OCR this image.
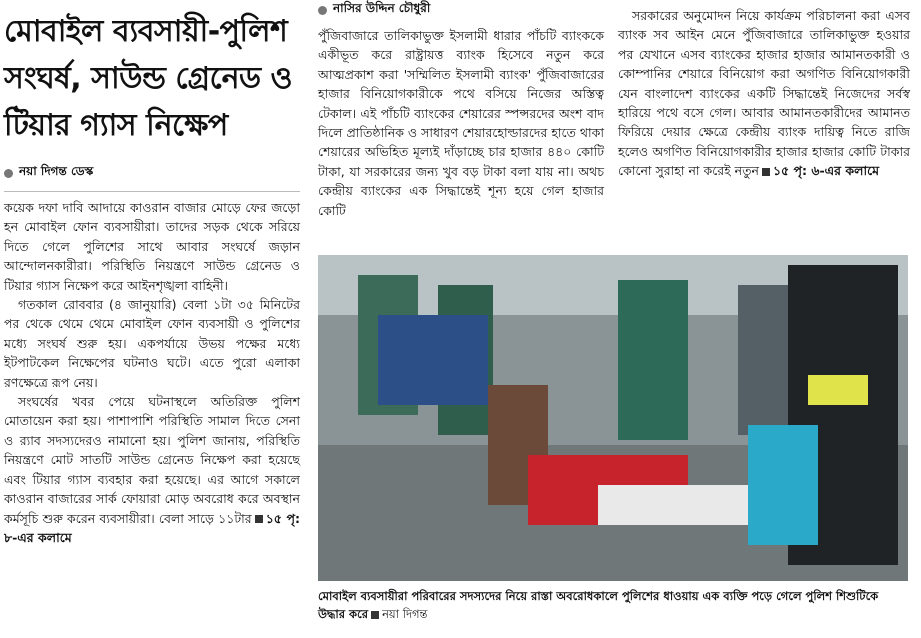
মোবাইল ব্যবসায়ী-পুলিশ
সংঘর্ষ, সাউন্ড গ্রেনেড ও
টিয়ার গ্যাস নিক্ষেপ
নয়া দিগন্ত ডেস্ক

কয়েক দফা দাবি আদায়ে কাওরান বাজার মোড়ে ফের জড়ো হন মোবাইল ফোন ব্যবসায়ীরা। তাদের সড়ক থেকে সরিয়ে দিতে গেলে পুলিশের সাথে আবার সংঘর্ষে জড়ান আন্দোলনকারীরা। পরিস্থিতি নিয়ন্ত্রণে সাউন্ড গ্রেনেড ও টিয়ার গ্যাস নিক্ষেপ করে আইনশৃঙ্খলা বাহিনী।

গতকাল রোববার (৪ জানুয়ারি) বেলা ১টা ৩৫ মিনিটের পর থেকে থেমে থেমে মোবাইল ফোন ব্যবসায়ী ও পুলিশের মধ্যে সংঘর্ষ শুরু হয়। একপর্যায়ে উভয় পক্ষের মধ্যে ইটপাটকেল নিক্ষেপের ঘটনাও ঘটে। এতে পুরো এলাকা রণক্ষেত্রে রূপ নেয়।

সংঘর্ষের খবর পেয়ে ঘটনাস্থলে অতিরিক্ত পুলিশ মোতায়েন করা হয়। পাশাপাশি পরিস্থিতি সামাল দিতে সেনা ও র‍্যাব সদস্যদেরও নামানো হয়। পুলিশ জানায়, পরিস্থিতি নিয়ন্ত্রণে মোট সাতটি সাউন্ড গ্রেনেড নিক্ষেপ করা হয়েছে এবং টিয়ার গ্যাস ব্যবহার করা হয়েছে। এর আগে সকালে কাওরান বাজারের সার্ক ফোয়ারা মোড় অবরোধ করে অবস্থান কর্মসূচি শুরু করেন ব্যবসায়ীরা। বেলা সাড়ে ১১টার ১৫ পৃ: ৮-এর কলামে

নাসির উদ্দিন চৌধুরী

পুঁজিবাজারে তালিকাভুক্ত ইসলামী ধারার পাঁচটি ব্যাংককে একীভূত করে রাষ্ট্রায়ত্ত ব্যাংক হিসেবে নতুন করে আত্মপ্রকাশ করা 'সম্মিলিত ইসলামী ব্যাংক' পুঁজিবাজারের হাজার বিনিয়োগকারীকে পথে বসিয়ে নিজের অস্তিত্ব টেকাল। এই পাঁচটি ব্যাংকের শেয়ারের স্পন্সরদের অংশ বাদ দিলে প্রাতিষ্ঠানিক ও সাধারণ শেয়ারহোল্ডারদের হাতে থাকা শেয়ারের অভিহিত মূল্যই দাঁড়াচ্ছে চার হাজার ৪৪০ কোটি টাকা, যা সরকারের জন্য খুব বড় টাকা বলা যায় না। অথচ কেন্দ্রীয় ব্যাংকের এক সিদ্ধান্তেই শূন্য হয়ে গেল হাজার কোটি

সরকারের অনুমোদন নিয়ে কার্যক্রম পরিচালনা করা এসব ব্যাংক সব আইন মেনে পুঁজিবাজারে তালিকাভুক্ত হওয়ার পর যেখানে এসব ব্যাংকের হাজার হাজার আমানতকারী ও কোম্পানির শেয়ারে বিনিয়োগ করা অগণিত বিনিয়োগকারী যেন বাংলাদেশ ব্যাংকের একটি সিদ্ধান্তেই নিজেদের সর্বস্ব হারিয়ে পথে বসে গেল। আবার আমানতকারীদের আমানত ফিরিয়ে দেয়ার ক্ষেত্রে কেন্দ্রীয় ব্যাংক দায়িত্ব নিতে রাজি হলেও অগণিত বিনিয়োগকারীর হাজার হাজার কোটি টাকার কোনো সুরাহা না করেই নতুন ১৫ পৃ: ৬-এর কলামে

মোবাইল ব্যবসায়ীরা পরিবারের সদস্যদের নিয়ে রাস্তা অবরোধকালে পুলিশের ধাওয়ায় এক ব্যক্তি পড়ে গেলে পুলিশ শিশুটিকে উদ্ধার করে নয়া দিগন্ত
